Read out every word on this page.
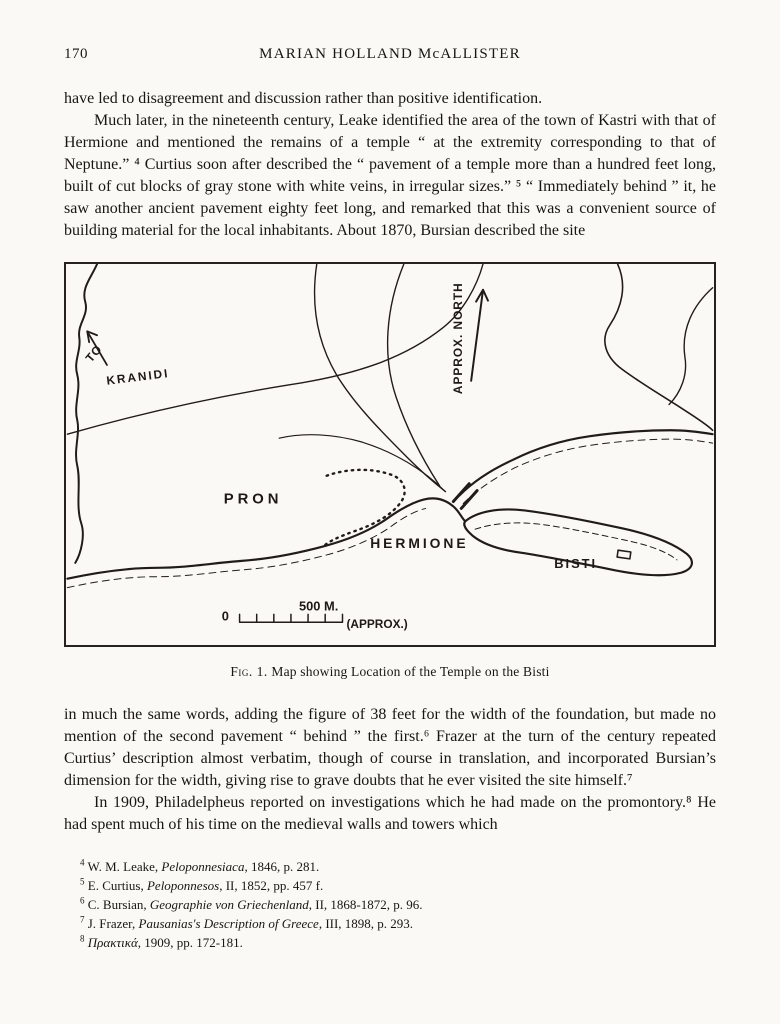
170	MARIAN HOLLAND McALLISTER

have led to disagreement and discussion rather than positive identification.

Much later, in the nineteenth century, Leake identified the area of the town of Kastri with that of Hermione and mentioned the remains of a temple “ at the extremity corresponding to that of Neptune.” ⁴ Curtius soon after described the “ pavement of a temple more than a hundred feet long, built of cut blocks of gray stone with white veins, in irregular sizes.” ⁵ “ Immediately behind ” it, he saw another ancient pavement eighty feet long, and remarked that this was a convenient source of building material for the local inhabitants. About 1870, Bursian described the site

TO
KRANIDI	APPROX. NORTH
PRON
HERMIONE
BISTI
0
500 M.
(APPROX.)
Fig. 1. Map showing Location of the Temple on the Bisti

in much the same words, adding the figure of 38 feet for the width of the foundation, but made no mention of the second pavement “ behind ” the first.⁶ Frazer at the turn of the century repeated Curtius’ description almost verbatim, though of course in translation, and incorporated Bursian’s dimension for the width, giving rise to grave doubts that he ever visited the site himself.⁷

In 1909, Philadelpheus reported on investigations which he had made on the promontory.⁸ He had spent much of his time on the medieval walls and towers which

$^4$ W. M. Leake, Peloponnesiaca, 1846, p. 281.
$^5$ E. Curtius, Peloponnesos, II, 1852, pp. 457 f.
$^6$ C. Bursian, Geographie von Griechenland, II, 1868-1872, p. 96.
$^7$ J. Frazer, Pausanias's Description of Greece, III, 1898, p. 293.
$^8$ Πρακτικά, 1909, pp. 172-181.
